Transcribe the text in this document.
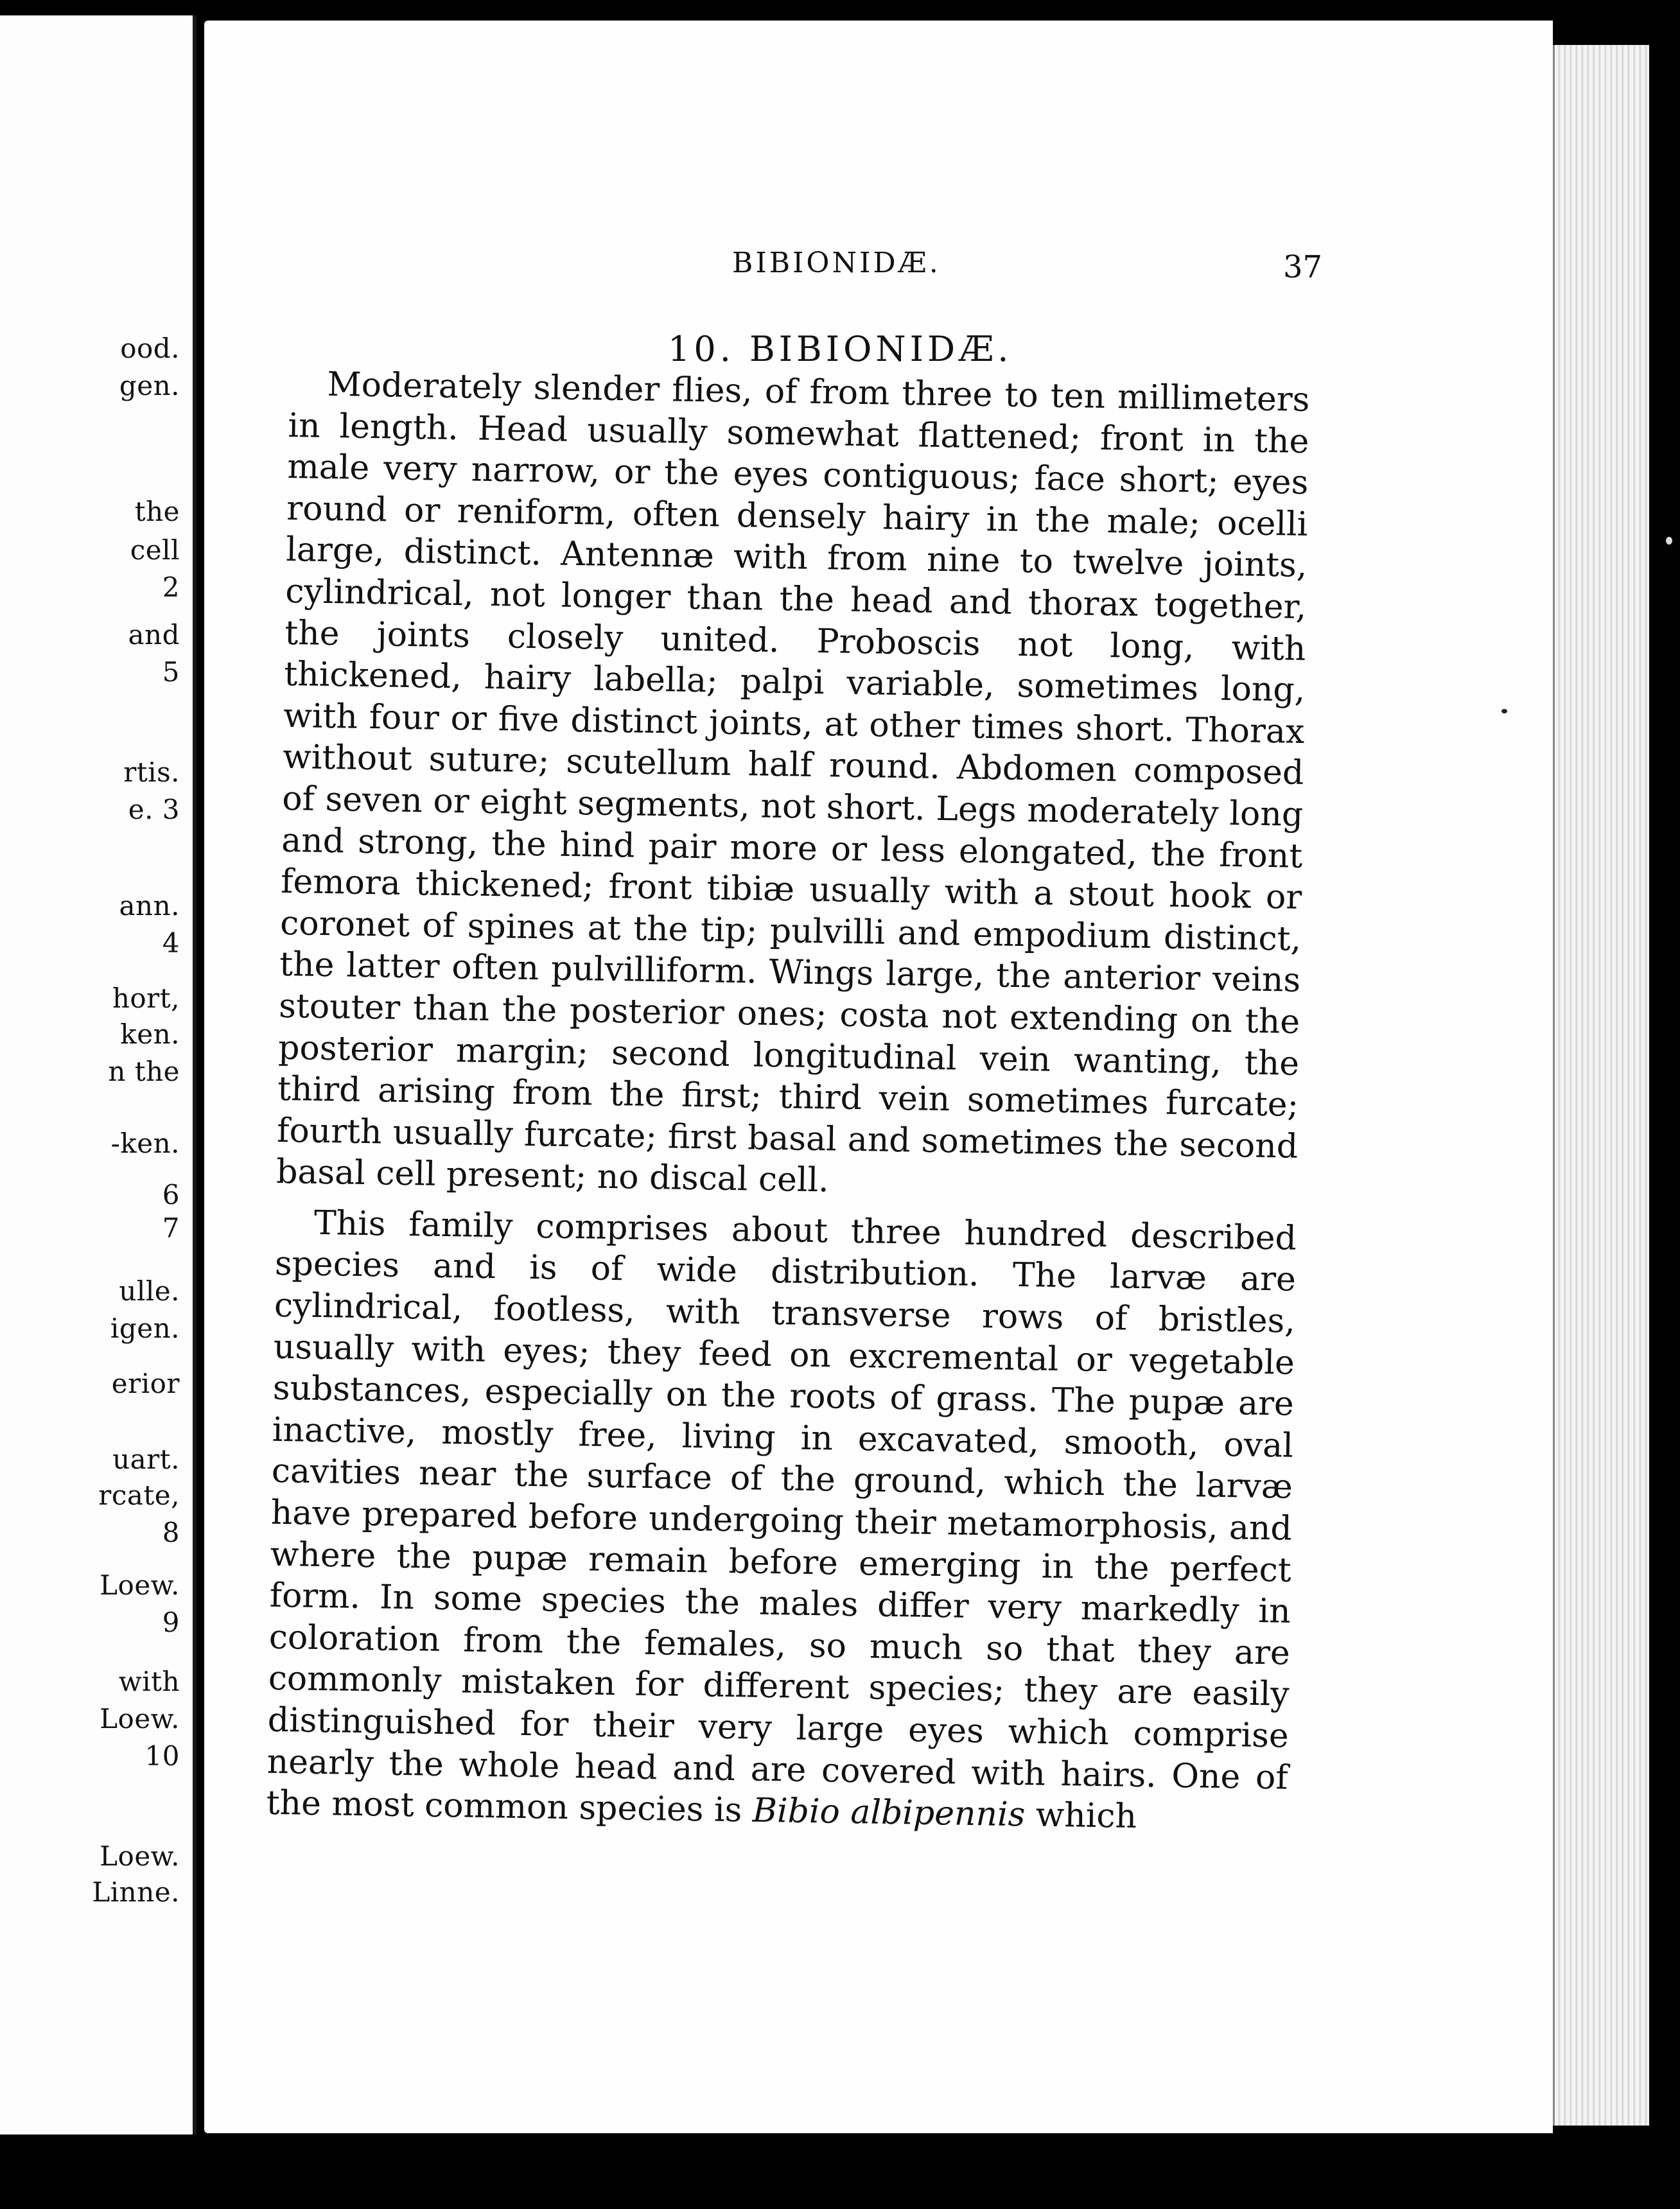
ood.
gen.
the
cell
2
and
5
rtis.
e. 3
ann.
4
hort,
ken.
n the
-ken.
6
7
ulle.
igen.
erior
uart.
rcate,
8
Loew.
9
with
Loew.
10
Loew.
Linne.
BIBIONIDÆ.	37
10. BIBIONIDÆ.

Moderately slender flies, of from three to ten millimeters in length. Head usually somewhat flattened; front in the male very narrow, or the eyes contiguous; face short; eyes round or reniform, often densely hairy in the male; ocelli large, distinct. Antennæ with from nine to twelve joints, cylindrical, not longer than the head and thorax together, the joints closely united. Proboscis not long, with thickened, hairy labella; palpi variable, sometimes long, with four or five distinct joints, at other times short. Thorax without suture; scutellum half round. Abdomen composed of seven or eight segments, not short. Legs moderately long and strong, the hind pair more or less elongated, the front femora thickened; front tibiæ usually with a stout hook or coronet of spines at the tip; pulvilli and empodium distinct, the latter often pulvilliform. Wings large, the anterior veins stouter than the posterior ones; costa not extending on the posterior margin; second longitudinal vein wanting, the third arising from the first; third vein sometimes furcate; fourth usually furcate; first basal and sometimes the second basal cell present; no discal cell.

This family comprises about three hundred described species and is of wide distribution. The larvæ are cylindrical, footless, with transverse rows of bristles, usually with eyes; they feed on excremental or vegetable substances, especially on the roots of grass. The pupæ are inactive, mostly free, living in excavated, smooth, oval cavities near the surface of the ground, which the larvæ have prepared before undergoing their metamorphosis, and where the pupæ remain before emerging in the perfect form. In some species the males differ very markedly in coloration from the females, so much so that they are commonly mistaken for different species; they are easily distinguished for their very large eyes which comprise nearly the whole head and are covered with hairs. One of the most common species is Bibio albipennis which
